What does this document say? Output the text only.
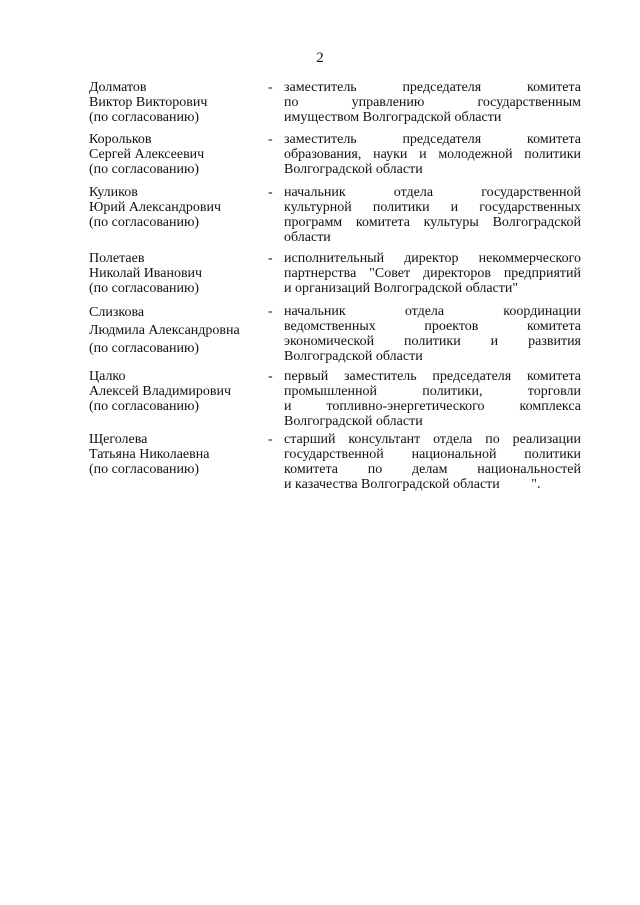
2
Долматов
Виктор Викторович
(по согласованию)
- заместитель председателя комитета
по управлению государственным
имуществом Волгоградской области
Корольков
Сергей Алексеевич
(по согласованию)
- заместитель председателя комитета
образования, науки и молодежной политики
Волгоградской области
Куликов
Юрий Александрович
(по согласованию)
- начальник отдела государственной
культурной политики и государственных
программ комитета культуры Волгоградской
области
Полетаев
Николай Иванович
(по согласованию)
- исполнительный директор некоммерческого
партнерства "Совет директоров предприятий
и организаций Волгоградской области"
Слизкова
Людмила Александровна
(по согласованию)
- начальник отдела координации
ведомственных проектов комитета
экономической политики и развития
Волгоградской области
Цалко
Алексей Владимирович
(по согласованию)
- первый заместитель председателя комитета
промышленной политики, торговли
и топливно-энергетического комплекса
Волгоградской области
Щеголева
Татьяна Николаевна
(по согласованию)
- старший консультант отдела по реализации
государственной национальной политики
комитета по делам национальностей
и казачества Волгоградской области         ".
